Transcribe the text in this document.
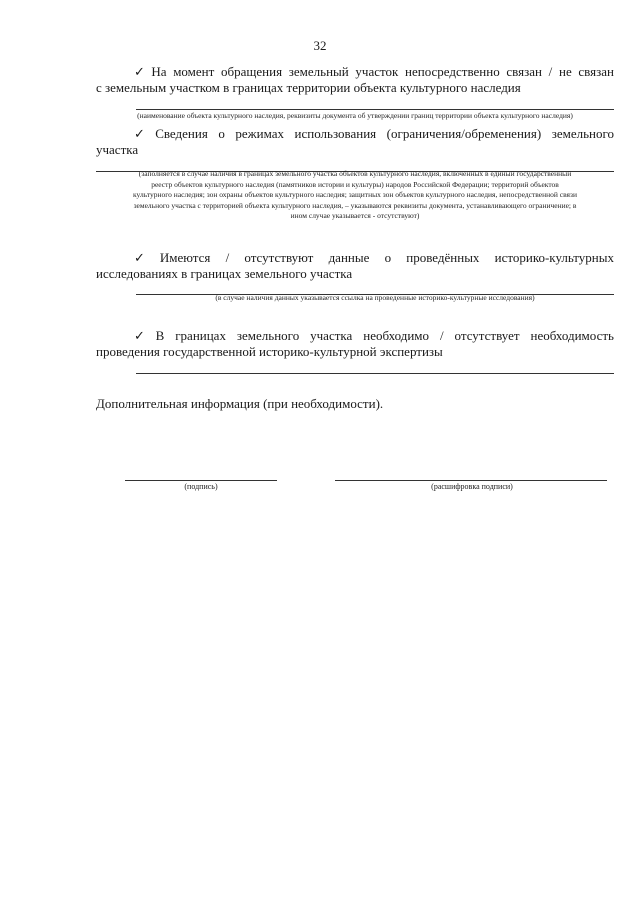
32
✓ На момент обращения земельный участок непосредственно связан / не связан
с земельным участком в границах территории объекта культурного наследия
(наименование объекта культурного наследия, реквизиты документа об утверждении границ территории объекта культурного наследия)
✓ Сведения о режимах использования (ограничения/обременения) земельного
участка
(заполняется в случае наличия в границах земельного участка объектов культурного наследия, включенных в единый государственный
реестр объектов культурного наследия (памятников истории и культуры) народов Российской Федерации; территорий объектов
культурного наследия; зон охраны объектов культурного наследия; защитных зон объектов культурного наследия, непосредственной связи
земельного участка с территорией объекта культурного наследия, – указываются реквизиты документа, устанавливающего ограничение; в
ином случае указывается - отсутствуют)
✓ Имеются / отсутствуют данные о проведённых историко-культурных
исследованиях в границах земельного участка
(в случае наличия данных указывается ссылка на проведенные историко-культурные исследования)
✓ В границах земельного участка необходимо / отсутствует необходимость
проведения государственной историко-культурной экспертизы
Дополнительная информация (при необходимости).
(подпись)	(расшифровка подписи)
